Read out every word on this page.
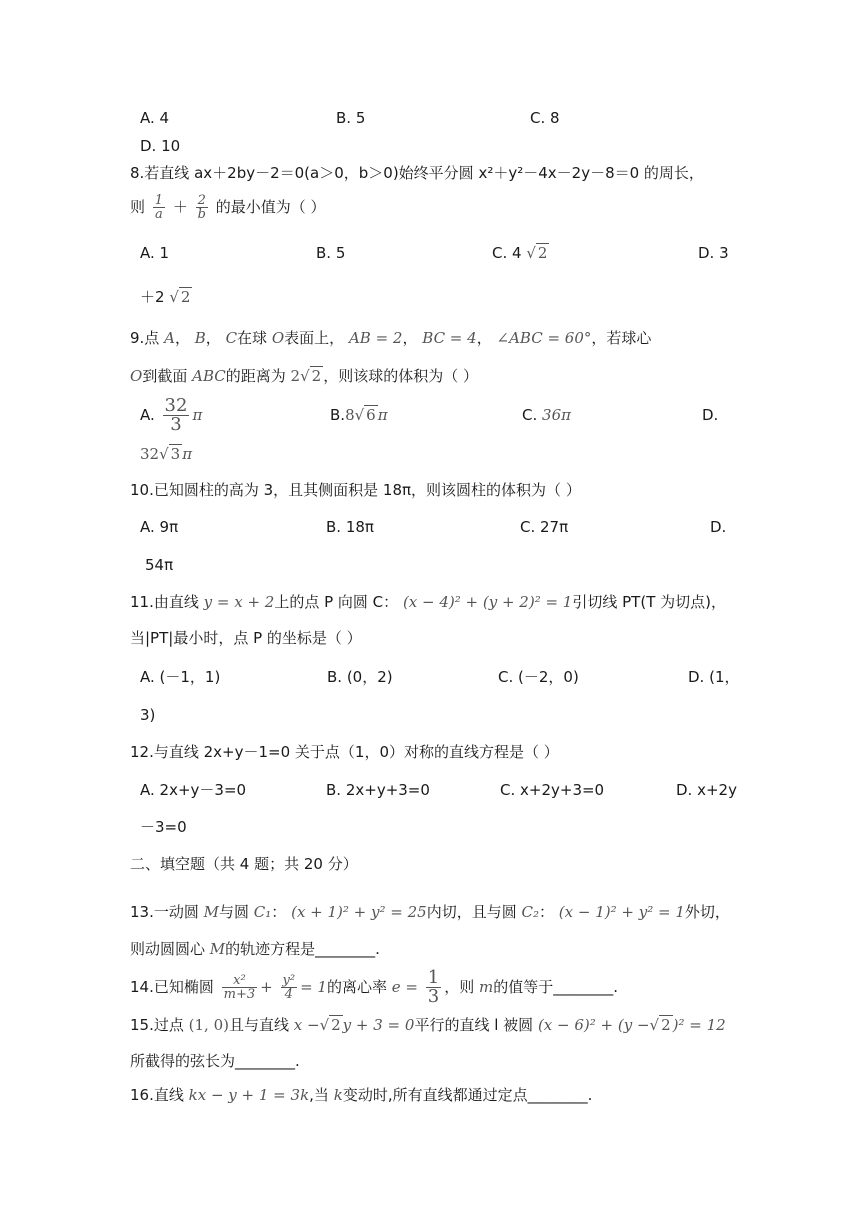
A. 4	B. 5	C. 8
D. 10
8.若直线 ax＋2by－2＝0(a＞0，b＞0)始终平分圆 x²＋y²－4x－2y－8＝0 的周长，
则 $\frac{1}{a} + \frac{2}{b}$ 的最小值为（ ）
A. 1	B. 5	C. 4 √ 2	D. 3
＋2 √ 2
9.点 A， B， C在球 O表面上， AB = 2， BC = 4， ∠ABC = 60°，若球心
O到截面 ABC的距离为 2√ 2 ，则该球的体积为（ ）
A. $\frac{32}{3}$ π	B.8√ 6 π	C. 36π	D.
32√ 3 π
10.已知圆柱的高为 3，且其侧面积是 18π，则该圆柱的体积为（ ）
A. 9π	B. 18π	C. 27π	D.
54π
11.由直线 y = x + 2上的点 P 向圆 C： (x − 4)² + (y + 2)² = 1引切线 PT(T 为切点)，
当|PT|最小时，点 P 的坐标是（ ）
A. (－1，1)	B. (0，2)	C. (－2，0)	D. (1，
3)
12.与直线 2x+y－1=0 关于点（1，0）对称的直线方程是（ ）
A. 2x+y－3=0	B. 2x+y+3=0	C. x+2y+3=0	D. x+2y
－3=0
二、填空题（共 4 题；共 20 分）
13.一动圆 M与圆 C₁： (x + 1)² + y² = 25内切，且与圆 C₂： (x − 1)² + y² = 1外切，
则动圆圆心 M的轨迹方程是________.
14.已知椭圆 $\frac{\text{x²}}{m+3} + \frac{\text{y²}}{4} = 1$的离心率 $e = \frac{1}{3}$ ，则 m的值等于________.
15.过点 (1, 0)且与直线 x −√ 2 y + 3 = 0平行的直线 l 被圆 (x − 6)² + (y −√ 2 )² = 12
所截得的弦长为________.
16.直线 kx − y + 1 = 3k,当 k变动时,所有直线都通过定点________.
